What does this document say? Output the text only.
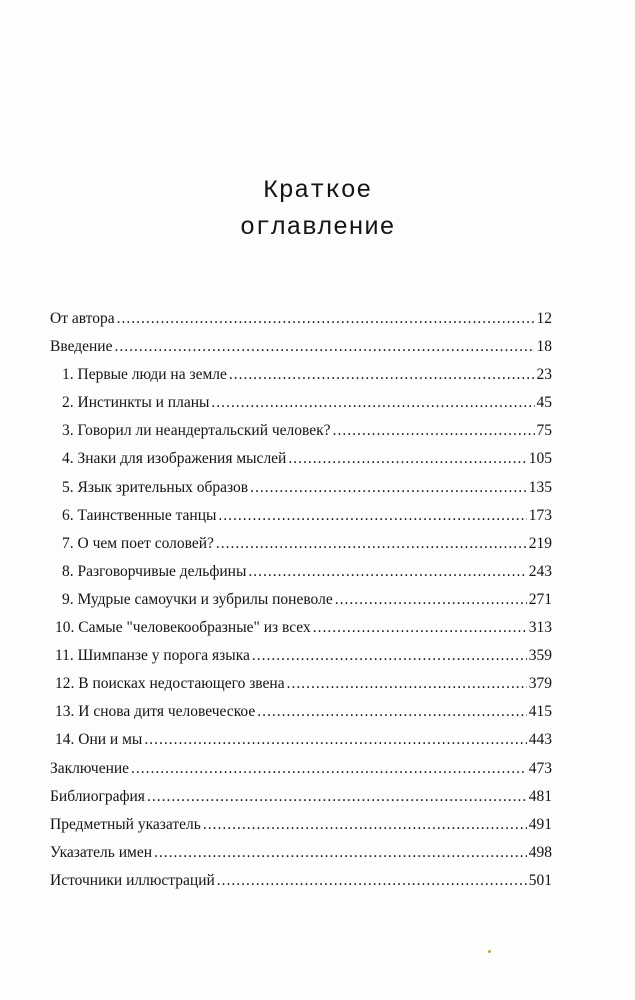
Краткое
оглавление
От автора .....	12
Введение .....	18
1. Первые люди на земле .....	23
2. Инстинкты и планы .....	45
3. Говорил ли неандертальский человек? .....	75
4. Знаки для изображения мыслей .....	105
5. Язык зрительных образов .....	135
6. Таинственные танцы .....	173
7. О чем поет соловей? .....	219
8. Разговорчивые дельфины .....	243
9. Мудрые самоучки и зубрилы поневоле .....	271
10. Самые "человекообразные" из всех .....	313
11. Шимпанзе у порога языка .....	359
12. В поисках недостающего звена .....	379
13. И снова дитя человеческое .....	415
14. Они и мы .....	443
Заключение .....	473
Библиография .....	481
Предметный указатель .....	491
Указатель имен .....	498
Источники иллюстраций .....	501
